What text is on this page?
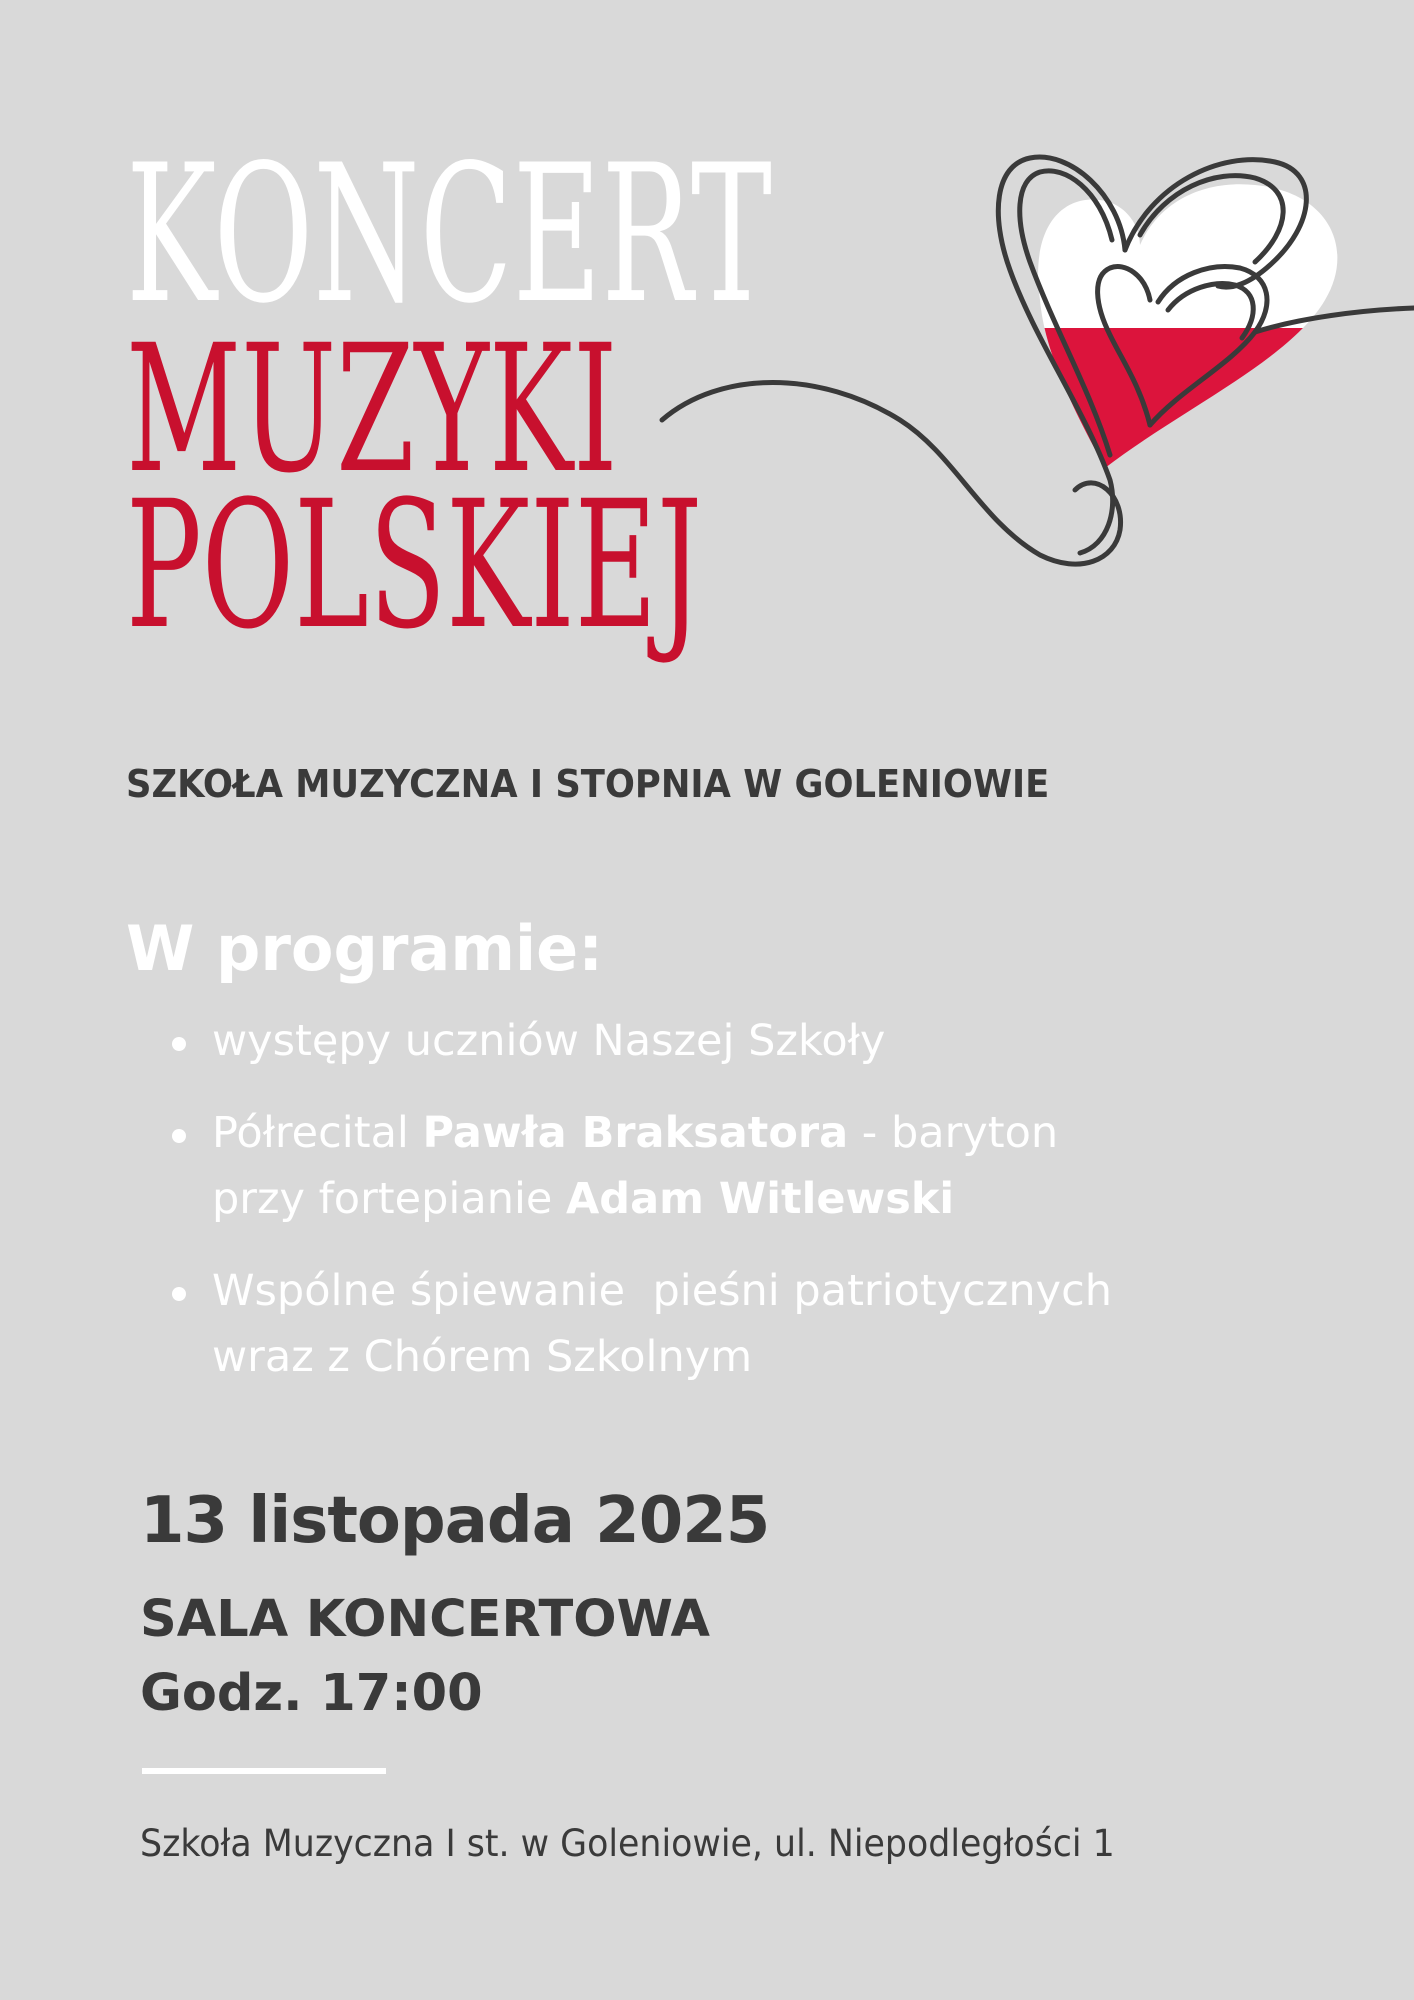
KONCERT
MUZYKI
POLSKIEJ
SZKOŁA MUZYCZNA I STOPNIA W GOLENIOWIE
W programie:
występy uczniów Naszej Szkoły
Półrecital Pawła Braksatora - baryton
przy fortepianie Adam Witlewski
Wspólne śpiewanie  pieśni patriotycznych
wraz z Chórem Szkolnym
13 listopada 2025
SALA KONCERTOWA
Godz. 17:00
Szkoła Muzyczna I st. w Goleniowie, ul. Niepodległości 1
